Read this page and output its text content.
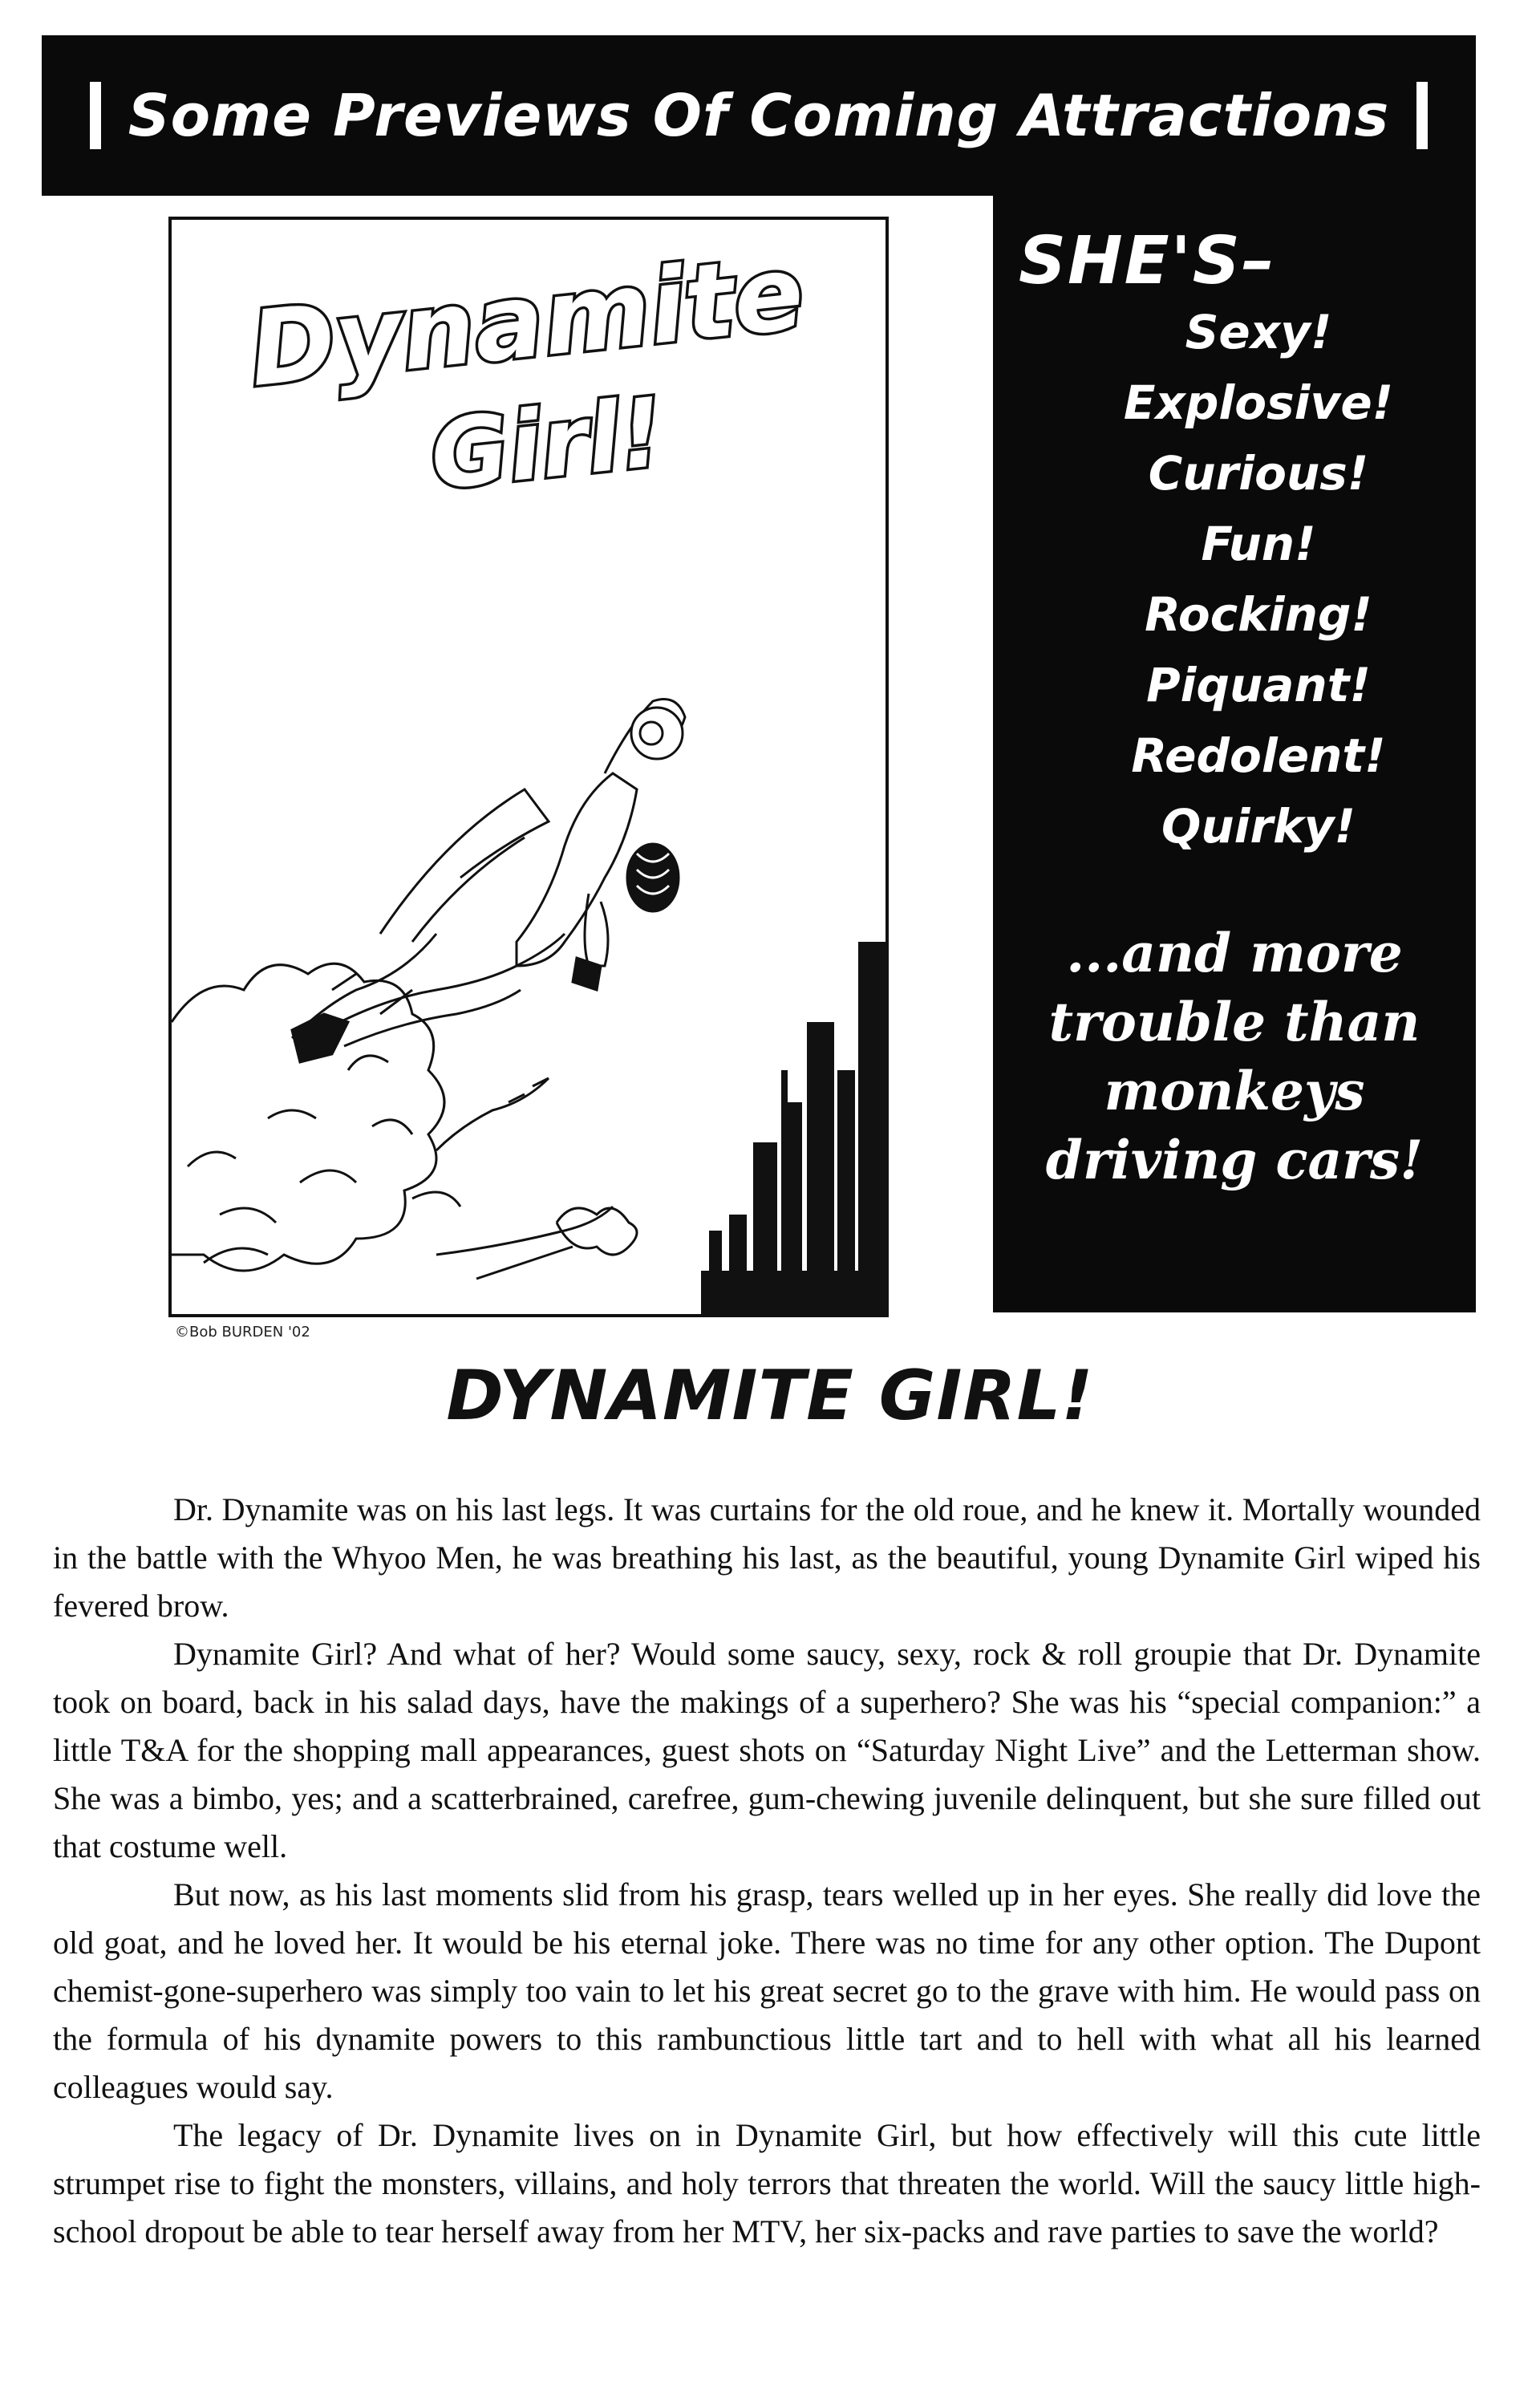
Some Previews Of Coming Attractions
Dynamite
Girl!
©Bob BURDEN '02
SHE'S–
Sexy!
Explosive!
Curious!
Fun!
Rocking!
Piquant!
Redolent!
Quirky!
...and more
trouble than
monkeys
driving cars!
DYNAMITE GIRL!

Dr. Dynamite was on his last legs. It was curtains for the old roue, and he knew it. Mortally wounded in the battle with the Whyoo Men, he was breathing his last, as the beautiful, young Dynamite Girl wiped his fevered brow.

Dynamite Girl? And what of her? Would some saucy, sexy, rock & roll groupie that Dr. Dynamite took on board, back in his salad days, have the makings of a superhero? She was his “special companion:” a little T&A for the shopping mall appearances, guest shots on “Saturday Night Live” and the Letterman show. She was a bimbo, yes; and a scatterbrained, carefree, gum-chewing juvenile delinquent, but she sure filled out that costume well.

But now, as his last moments slid from his grasp, tears welled up in her eyes. She really did love the old goat, and he loved her. It would be his eternal joke. There was no time for any other option. The Dupont chemist-gone-superhero was simply too vain to let his great secret go to the grave with him. He would pass on the formula of his dynamite powers to this rambunctious little tart and to hell with what all his learned colleagues would say.

The legacy of Dr. Dynamite lives on in Dynamite Girl, but how effectively will this cute little strumpet rise to fight the monsters, villains, and holy terrors that threaten the world. Will the saucy little high-school dropout be able to tear herself away from her MTV, her six-packs and rave parties to save the world?
